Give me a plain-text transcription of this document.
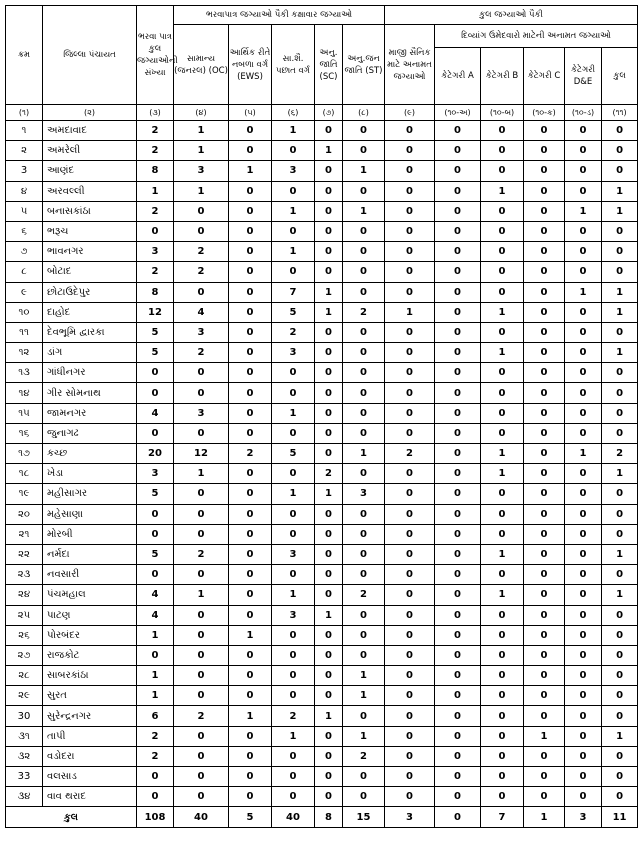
ક્રમ	જિલ્લા પંચાયત	ભરવા પાત્ર કુલ જગ્યાઓની સંખ્યા	ભરવાપાત્ર જગ્યાઓ પૈકી કક્ષાવાર જગ્યાઓ					કુલ જગ્યાઓ પૈકી					
			સામાન્ય (જનરલ) (OC)	આર્થિક રીતે નબળા વર્ગ (EWS)	સા.શૈ. પછાત વર્ગ	અનુ. જાતિ (SC)	અનુ.જન જાતિ (ST)	માજી સૈનિક માટે અનામત જગ્યાઓ	દિવ્યાંગ ઉમેદવારો માટેની અનામત જગ્યાઓ				
									કેટેગરી A	કેટેગરી B	કેટેગરી C	કેટેગરી D&E	કુલ
(૧)	(૨)	(૩)	(૪)	(૫)	(૬)	(૭)	(૮)	(૯)	(૧૦-અ)	(૧૦-બ)	(૧૦-ક)	(૧૦-ડ)	(૧૧)
૧	અમદાવાદ	2	1	0	1	0	0	0	0	0	0	0	0
૨	અમરેલી	2	1	0	0	1	0	0	0	0	0	0	0
3	આણંદ	8	3	1	3	0	1	0	0	0	0	0	0
૪	અરવલ્લી	1	1	0	0	0	0	0	0	1	0	0	1
૫	બનાસકાંઠા	2	0	0	1	0	1	0	0	0	0	1	1
૬	ભરૂચ	0	0	0	0	0	0	0	0	0	0	0	0
૭	ભાવનગર	3	2	0	1	0	0	0	0	0	0	0	0
૮	બોટાદ	2	2	0	0	0	0	0	0	0	0	0	0
૯	છોટાઉદેપુર	8	0	0	7	1	0	0	0	0	0	1	1
૧૦	દાહોદ	12	4	0	5	1	2	1	0	1	0	0	1
૧૧	દેવભૂમિ દ્વારકા	5	3	0	2	0	0	0	0	0	0	0	0
૧૨	ડાંગ	5	2	0	3	0	0	0	0	1	0	0	1
૧૩	ગાંધીનગર	0	0	0	0	0	0	0	0	0	0	0	0
૧૪	ગીર સોમનાથ	0	0	0	0	0	0	0	0	0	0	0	0
૧૫	જામનગર	4	3	0	1	0	0	0	0	0	0	0	0
૧૬	જુનાગઢ	0	0	0	0	0	0	0	0	0	0	0	0
૧૭	કચ્છ	20	12	2	5	0	1	2	0	1	0	1	2
૧૮	ખેડા	3	1	0	0	2	0	0	0	1	0	0	1
૧૯	મહીસાગર	5	0	0	1	1	3	0	0	0	0	0	0
૨૦	મહેસાણા	0	0	0	0	0	0	0	0	0	0	0	0
૨૧	મોરબી	0	0	0	0	0	0	0	0	0	0	0	0
૨૨	નર્મદા	5	2	0	3	0	0	0	0	1	0	0	1
૨૩	નવસારી	0	0	0	0	0	0	0	0	0	0	0	0
૨૪	પંચમહાલ	4	1	0	1	0	2	0	0	1	0	0	1
૨૫	પાટણ	4	0	0	3	1	0	0	0	0	0	0	0
૨૬	પોરબંદર	1	0	1	0	0	0	0	0	0	0	0	0
૨૭	રાજકોટ	0	0	0	0	0	0	0	0	0	0	0	0
૨૮	સાબરકાંઠા	1	0	0	0	0	1	0	0	0	0	0	0
૨૯	સુરત	1	0	0	0	0	1	0	0	0	0	0	0
30	સુરેન્દ્રનગર	6	2	1	2	1	0	0	0	0	0	0	0
૩૧	તાપી	2	0	0	1	0	1	0	0	0	1	0	1
૩૨	વડોદરા	2	0	0	0	0	2	0	0	0	0	0	0
33	વલસાડ	0	0	0	0	0	0	0	0	0	0	0	0
૩૪	વાવ થરાદ	0	0	0	0	0	0	0	0	0	0	0	0
કુલ		108	40	5	40	8	15	3	0	7	1	3	11
